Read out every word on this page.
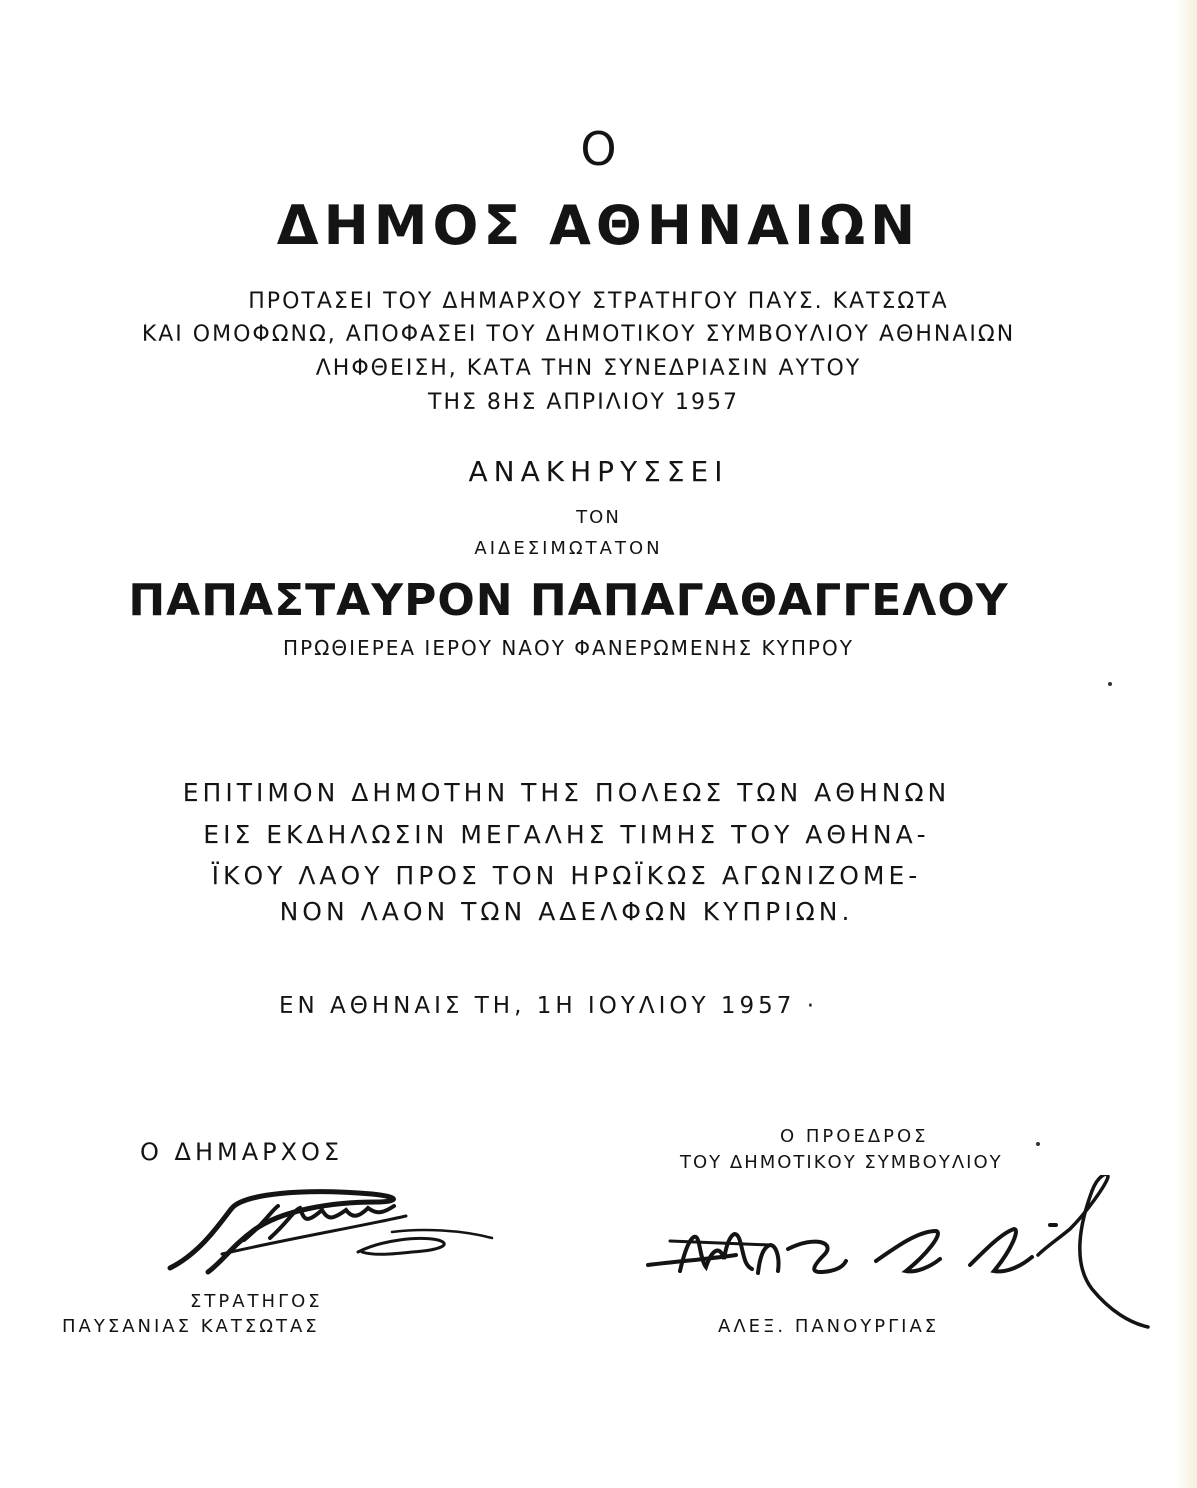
Ο
ΔΗΜΟΣ ΑΘΗΝΑΙΩΝ
ΠΡΟΤΑΣΕΙ ΤΟΥ ΔΗΜΑΡΧΟΥ ΣΤΡΑΤΗΓΟΥ ΠΑΥΣ. ΚΑΤΣΩΤΑ
ΚΑΙ ΟΜΟΦΩΝΩ, ΑΠΟΦΑΣΕΙ ΤΟΥ ΔΗΜΟΤΙΚΟΥ ΣΥΜΒΟΥΛΙΟΥ ΑΘΗΝΑΙΩΝ
ΛΗΦΘΕΙΣΗ, ΚΑΤΑ ΤΗΝ ΣΥΝΕΔΡΙΑΣΙΝ ΑΥΤΟΥ
ΤΗΣ 8ΗΣ ΑΠΡΙΛΙΟΥ 1957
ΑΝΑΚΗΡΥΣΣΕΙ
ΤΟΝ
ΑΙΔΕΣΙΜΩΤΑΤΟΝ
ΠΑΠΑΣΤΑΥΡΟΝ ΠΑΠΑΓΑΘΑΓΓΕΛΟΥ
ΠΡΩΘΙΕΡΕΑ ΙΕΡΟΥ ΝΑΟΥ ΦΑΝΕΡΩΜΕΝΗΣ ΚΥΠΡΟΥ
ΕΠΙΤΙΜΟΝ ΔΗΜΟΤΗΝ ΤΗΣ ΠΟΛΕΩΣ ΤΩΝ ΑΘΗΝΩΝ
ΕΙΣ ΕΚΔΗΛΩΣΙΝ ΜΕΓΑΛΗΣ ΤΙΜΗΣ ΤΟΥ ΑΘΗΝΑ-
ΪΚΟΥ ΛΑΟΥ ΠΡΟΣ ΤΟΝ ΗΡΩΪΚΩΣ ΑΓΩΝΙΖΟΜΕ-
ΝΟΝ ΛΑΟΝ ΤΩΝ ΑΔΕΛΦΩΝ ΚΥΠΡΙΩΝ.
ΕΝ ΑΘΗΝΑΙΣ ΤΗ, 1Η ΙΟΥΛΙΟΥ 1957 ·
Ο ΔΗΜΑΡΧΟΣ
ΣΤΡΑΤΗΓΟΣ
ΠΑΥΣΑΝΙΑΣ ΚΑΤΣΩΤΑΣ
Ο ΠΡΟΕΔΡΟΣ
ΤΟΥ ΔΗΜΟΤΙΚΟΥ ΣΥΜΒΟΥΛΙΟΥ
ΑΛΕΞ. ΠΑΝΟΥΡΓΙΑΣ
